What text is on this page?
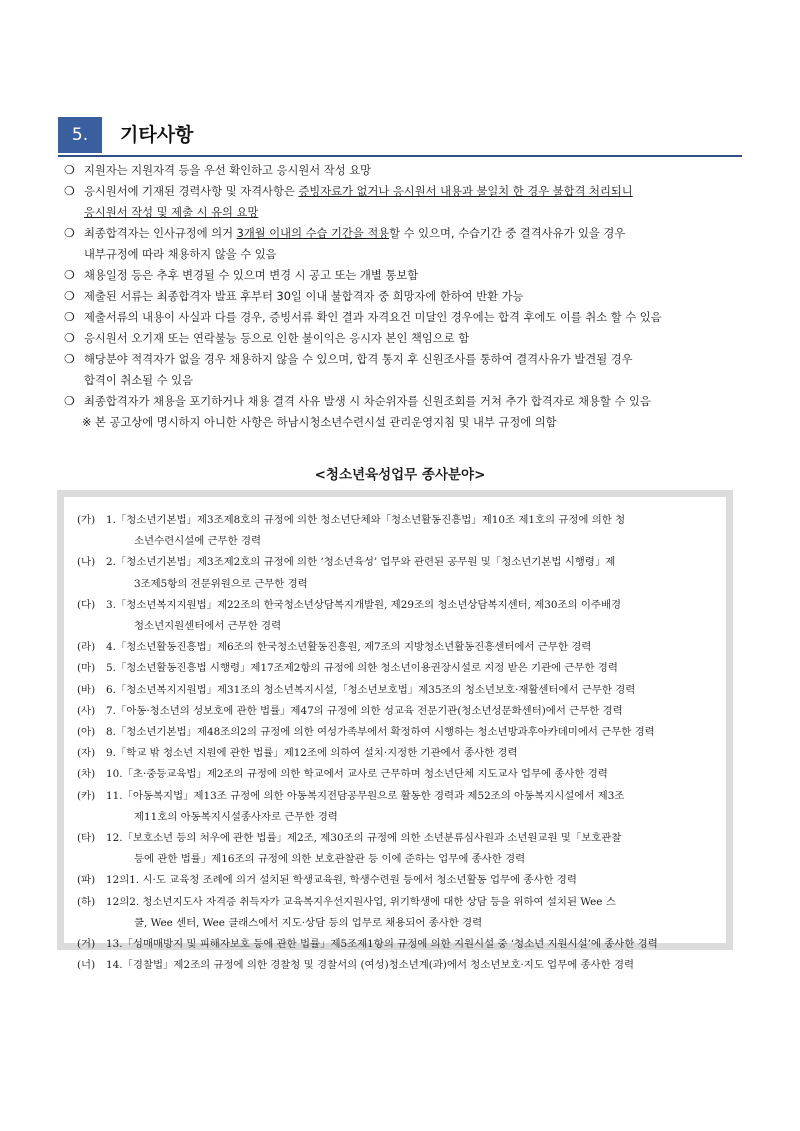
5.	기타사항
❍ 지원자는 지원자격 등을 우선 확인하고 응시원서 작성 요망
❍ 응시원서에 기재된 경력사항 및 자격사항은 증빙자료가 없거나 응시원서 내용과 불일치 한 경우 불합격 처리되니
응시원서 작성 및 제출 시 유의 요망
❍ 최종합격자는 인사규정에 의거 3개월 이내의 수습 기간을 적용할 수 있으며, 수습기간 중 결격사유가 있을 경우
내부규정에 따라 채용하지 않을 수 있음
❍ 채용일정 등은 추후 변경될 수 있으며 변경 시 공고 또는 개별 통보함
❍ 제출된 서류는 최종합격자 발표 후부터 30일 이내 불합격자 중 희망자에 한하여 반환 가능
❍ 제출서류의 내용이 사실과 다를 경우, 증빙서류 확인 결과 자격요건 미달인 경우에는 합격 후에도 이를 취소 할 수 있음
❍ 응시원서 오기재 또는 연락불능 등으로 인한 불이익은 응시자 본인 책임으로 함
❍ 해당분야 적격자가 없을 경우 채용하지 않을 수 있으며, 합격 통지 후 신원조사를 통하여 결격사유가 발견될 경우
합격이 취소될 수 있음
❍ 최종합격자가 채용을 포기하거나 채용 결격 사유 발생 시 차순위자를 신원조회를 거쳐 추가 합격자로 채용할 수 있음
※ 본 공고상에 명시하지 아니한 사항은 하남시청소년수련시설 관리운영지침 및 내부 규정에 의함
<청소년육성업무 종사분야>
(가) 1.「청소년기본법」제3조제8호의 규정에 의한 청소년단체와「청소년활동진흥법」제10조 제1호의 규정에 의한 청
소년수련시설에 근무한 경력
(나) 2.「청소년기본법」제3조제2호의 규정에 의한 ‘청소년육성’ 업무와 관련된 공무원 및「청소년기본법 시행령」제
3조제5항의 전문위원으로 근무한 경력
(다) 3.「청소년복지지원법」제22조의 한국청소년상담복지개발원, 제29조의 청소년상담복지센터, 제30조의 이주배경
청소년지원센터에서 근무한 경력
(라) 4.「청소년활동진흥법」제6조의 한국청소년활동진흥원, 제7조의 지방청소년활동진흥센터에서 근무한 경력
(마) 5.「청소년활동진흥법 시행령」제17조제2항의 규정에 의한 청소년이용권장시설로 지정 받은 기관에 근무한 경력
(바) 6.「청소년복지지원법」제31조의 청소년복지시설,「청소년보호법」제35조의 청소년보호·재활센터에서 근무한 경력
(사) 7.「아동·청소년의 성보호에 관한 법률」제47의 규정에 의한 성교육 전문기관(청소년성문화센터)에서 근무한 경력
(아) 8.「청소년기본법」제48조의2의 규정에 의한 여성가족부에서 확정하여 시행하는 청소년방과후아카데미에서 근무한 경력
(자) 9.「학교 밖 청소년 지원에 관한 법률」제12조에 의하여 설치·지정한 기관에서 종사한 경력
(차) 10.「초·중등교육법」제2조의 규정에 의한 학교에서 교사로 근무하며 청소년단체 지도교사 업무에 종사한 경력
(카) 11.「아동복지법」제13조 규정에 의한 아동복지전담공무원으로 활동한 경력과 제52조의 아동복지시설에서 제3조
제11호의 아동복지시설종사자로 근무한 경력
(타) 12.「보호소년 등의 처우에 관한 법률」제2조, 제30조의 규정에 의한 소년분류심사원과 소년원교원 및「보호관찰
등에 관한 법률」제16조의 규정에 의한 보호관찰관 등 이에 준하는 업무에 종사한 경력
(파) 12의1. 시·도 교육청 조례에 의거 설치된 학생교육원, 학생수련원 등에서 청소년활동 업무에 종사한 경력
(하) 12의2. 청소년지도사 자격증 취득자가 교육복지우선지원사업, 위기학생에 대한 상담 등을 위하여 설치된 Wee 스
쿨, Wee 센터, Wee 클래스에서 지도·상담 등의 업무로 채용되어 종사한 경력
(거) 13.「성매매방지 및 피해자보호 등에 관한 법률」제5조제1항의 규정에 의한 지원시설 중 ‘청소년 지원시설’에 종사한 경력
(너) 14.「경찰법」제2조의 규정에 의한 경찰청 및 경찰서의 (여성)청소년계(과)에서 청소년보호·지도 업무에 종사한 경력
